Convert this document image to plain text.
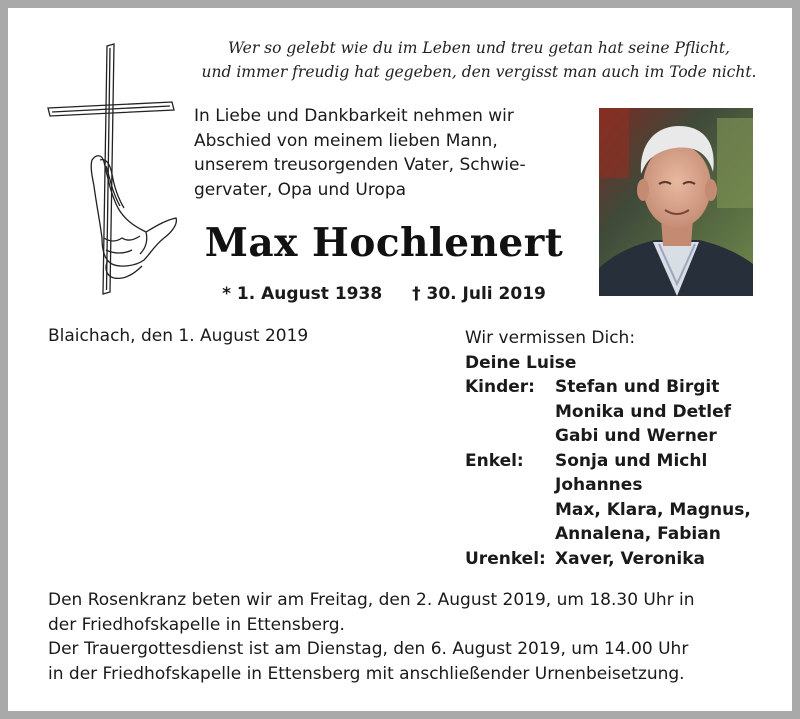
Wer so gelebt wie du im Leben und treu getan hat seine Pflicht,
und immer freudig hat gegeben, den vergisst man auch im Tode nicht.
In Liebe und Dankbarkeit nehmen wir
Abschied von meinem lieben Mann,
unserem treusorgenden Vater, Schwie-
gervater, Opa und Uropa
Max Hochlenert
* 1. August 1938 † 30. Juli 2019
Blaichach, den 1. August 2019	Wir vermissen Dich:
Deine Luise
Kinder:	Stefan und Birgit
Monika und Detlef
Gabi und Werner
Enkel:	Sonja und Michl
Johannes
Max, Klara, Magnus,
Annalena, Fabian
Urenkel: Xaver, Veronika
Den Rosenkranz beten wir am Freitag, den 2. August 2019, um 18.30 Uhr in
der Friedhofskapelle in Ettensberg.
Der Trauergottesdienst ist am Dienstag, den 6. August 2019, um 14.00 Uhr
in der Friedhofskapelle in Ettensberg mit anschließender Urnenbeisetzung.
